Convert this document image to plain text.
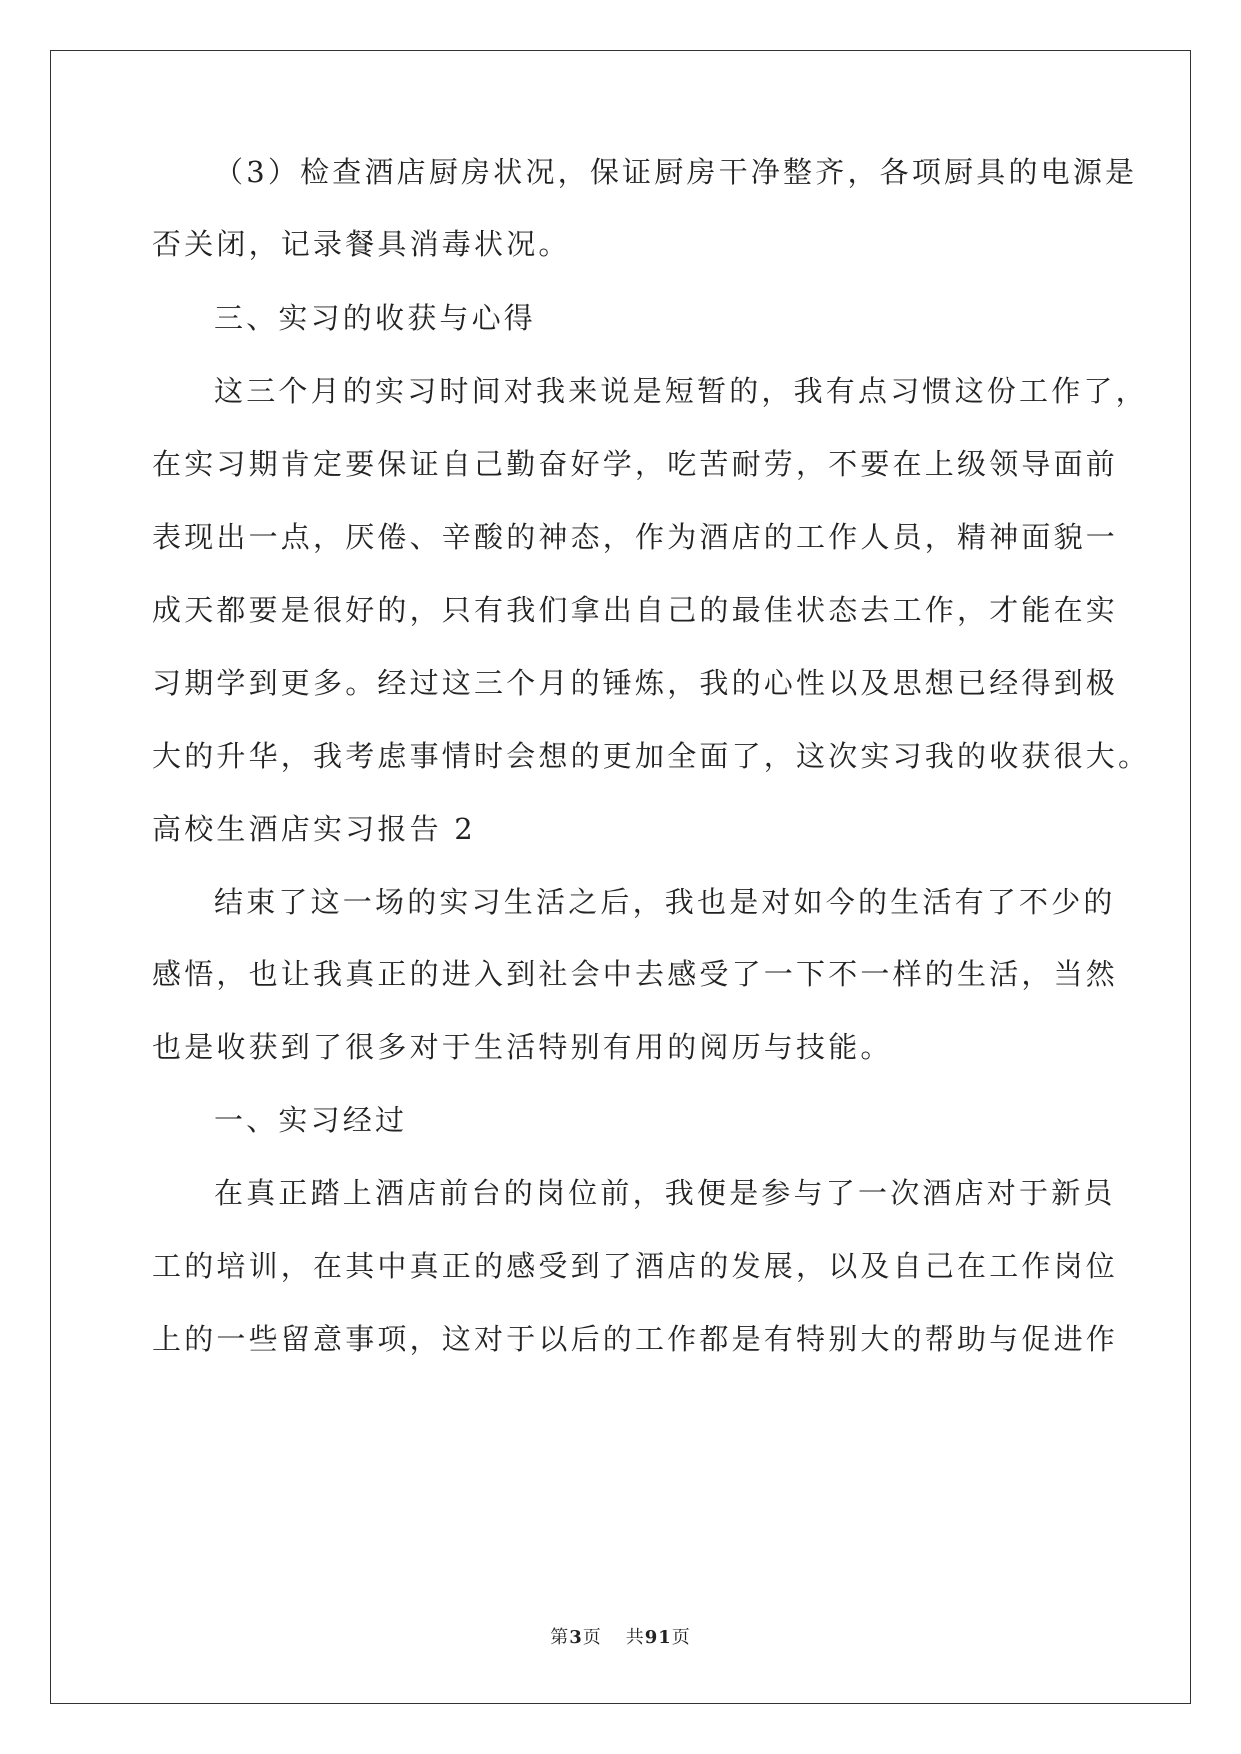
（3）检查酒店厨房状况，保证厨房干净整齐，各项厨具的电源是
否关闭，记录餐具消毒状况。
三、实习的收获与心得
这三个月的实习时间对我来说是短暂的，我有点习惯这份工作了，
在实习期肯定要保证自己勤奋好学，吃苦耐劳，不要在上级领导面前
表现出一点，厌倦、辛酸的神态，作为酒店的工作人员，精神面貌一
成天都要是很好的，只有我们拿出自己的最佳状态去工作，才能在实
习期学到更多。经过这三个月的锤炼，我的心性以及思想已经得到极
大的升华，我考虑事情时会想的更加全面了，这次实习我的收获很大。
高校生酒店实习报告 2
结束了这一场的实习生活之后，我也是对如今的生活有了不少的
感悟，也让我真正的进入到社会中去感受了一下不一样的生活，当然
也是收获到了很多对于生活特别有用的阅历与技能。
一、实习经过
在真正踏上酒店前台的岗位前，我便是参与了一次酒店对于新员
工的培训，在其中真正的感受到了酒店的发展，以及自己在工作岗位
上的一些留意事项，这对于以后的工作都是有特别大的帮助与促进作
第3页 共91页
